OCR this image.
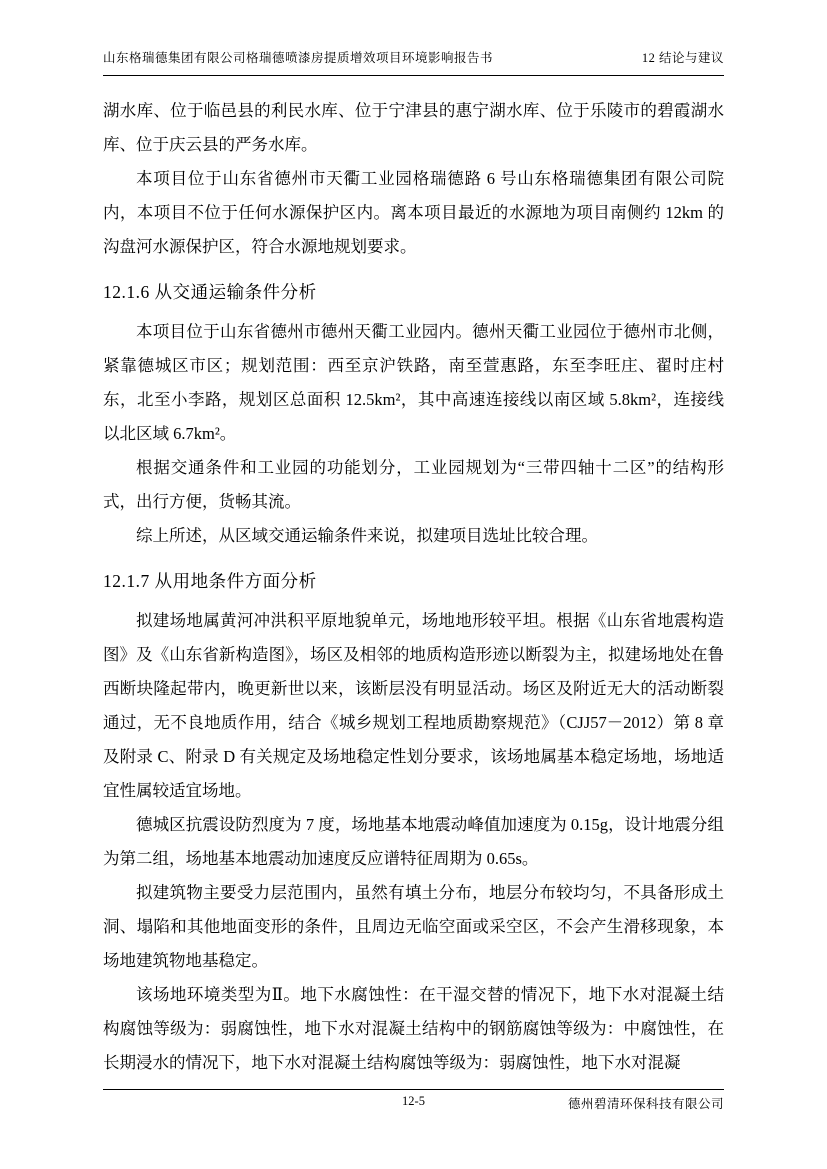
山东格瑞德集团有限公司格瑞德喷漆房提质增效项目环境影响报告书	12 结论与建议

湖水库、位于临邑县的利民水库、位于宁津县的惠宁湖水库、位于乐陵市的碧霞湖水库、位于庆云县的严务水库。

本项目位于山东省德州市天衢工业园格瑞德路 6 号山东格瑞德集团有限公司院内，本项目不位于任何水源保护区内。离本项目最近的水源地为项目南侧约 12km 的沟盘河水源保护区，符合水源地规划要求。

12.1.6 从交通运输条件分析

本项目位于山东省德州市德州天衢工业园内。德州天衢工业园位于德州市北侧，紧靠德城区市区；规划范围：西至京沪铁路，南至萱惠路，东至李旺庄、翟时庄村东，北至小李路，规划区总面积 12.5km²，其中高速连接线以南区域 5.8km²，连接线以北区域 6.7km²。

根据交通条件和工业园的功能划分，工业园规划为“三带四轴十二区”的结构形式，出行方便，货畅其流。

综上所述，从区域交通运输条件来说，拟建项目选址比较合理。

12.1.7 从用地条件方面分析

拟建场地属黄河冲洪积平原地貌单元，场地地形较平坦。根据《山东省地震构造图》及《山东省新构造图》，场区及相邻的地质构造形迹以断裂为主，拟建场地处在鲁西断块隆起带内，晚更新世以来，该断层没有明显活动。场区及附近无大的活动断裂通过，无不良地质作用，结合《城乡规划工程地质勘察规范》（CJJ57－2012）第 8 章及附录 C、附录 D 有关规定及场地稳定性划分要求，该场地属基本稳定场地，场地适宜性属较适宜场地。

德城区抗震设防烈度为 7 度，场地基本地震动峰值加速度为 0.15g，设计地震分组为第二组，场地基本地震动加速度反应谱特征周期为 0.65s。

拟建筑物主要受力层范围内，虽然有填土分布，地层分布较均匀，不具备形成土洞、塌陷和其他地面变形的条件，且周边无临空面或采空区，不会产生滑移现象，本场地建筑物地基稳定。

该场地环境类型为Ⅱ。地下水腐蚀性：在干湿交替的情况下，地下水对混凝土结构腐蚀等级为：弱腐蚀性，地下水对混凝土结构中的钢筋腐蚀等级为：中腐蚀性，在长期浸水的情况下，地下水对混凝土结构腐蚀等级为：弱腐蚀性，地下水对混凝

12-5	德州碧清环保科技有限公司
